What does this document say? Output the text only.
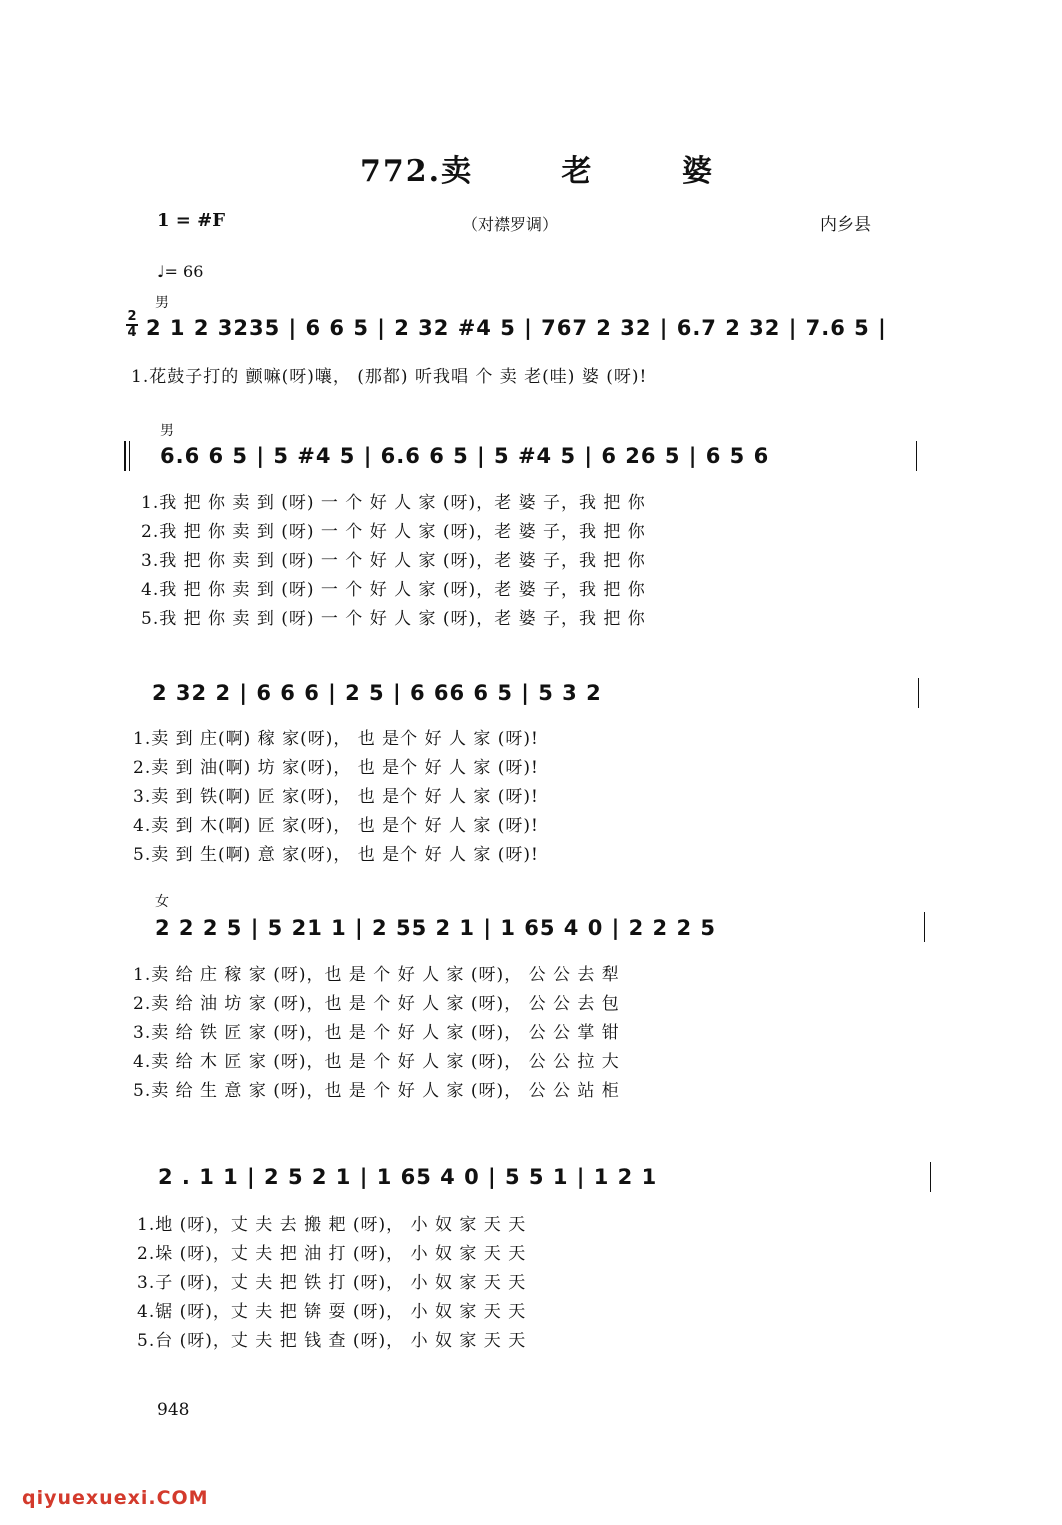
772.卖 老 婆
1 = #F	（对襟罗调）	内乡县
♩= 66
男
2
4 2 1 2 3235 | 6 6 5 | 2 32 #4 5 | 767 2 32 | 6.7 2 32 | 7.6 5 |
1.花鼓子打的 颤嘛(呀)嚷， (那都) 听我唱 个 卖 老(哇) 婆 (呀)!
男
6.6 6 5 | 5 #4 5 | 6.6 6 5 | 5 #4 5 | 6 26 5 | 6 5 6
1.我 把 你 卖 到 (呀) 一 个 好 人 家 (呀)，老 婆 子，我 把 你
2.我 把 你 卖 到 (呀) 一 个 好 人 家 (呀)，老 婆 子，我 把 你
3.我 把 你 卖 到 (呀) 一 个 好 人 家 (呀)，老 婆 子，我 把 你
4.我 把 你 卖 到 (呀) 一 个 好 人 家 (呀)，老 婆 子，我 把 你
5.我 把 你 卖 到 (呀) 一 个 好 人 家 (呀)，老 婆 子，我 把 你
2 32 2 | 6 6 6 | 2 5 | 6 66 6 5 | 5 3 2
1.卖 到 庄(啊) 稼 家(呀)， 也 是个 好 人 家 (呀)!
2.卖 到 油(啊) 坊 家(呀)， 也 是个 好 人 家 (呀)!
3.卖 到 铁(啊) 匠 家(呀)， 也 是个 好 人 家 (呀)!
4.卖 到 木(啊) 匠 家(呀)， 也 是个 好 人 家 (呀)!
5.卖 到 生(啊) 意 家(呀)， 也 是个 好 人 家 (呀)!
女
2 2 2 5 | 5 21 1 | 2 55 2 1 | 1 65 4 0 | 2 2 2 5
1.卖 给 庄 稼 家 (呀)，也 是 个 好 人 家 (呀)， 公 公 去 犁
2.卖 给 油 坊 家 (呀)，也 是 个 好 人 家 (呀)， 公 公 去 包
3.卖 给 铁 匠 家 (呀)，也 是 个 好 人 家 (呀)， 公 公 掌 钳
4.卖 给 木 匠 家 (呀)，也 是 个 好 人 家 (呀)， 公 公 拉 大
5.卖 给 生 意 家 (呀)，也 是 个 好 人 家 (呀)， 公 公 站 柜
2 . 1 1 | 2 5 2 1 | 1 65 4 0 | 5 5 1 | 1 2 1
1.地 (呀)，丈 夫 去 搬 耙 (呀)， 小 奴 家 天 天
2.垛 (呀)，丈 夫 把 油 打 (呀)， 小 奴 家 天 天
3.子 (呀)，丈 夫 把 铁 打 (呀)， 小 奴 家 天 天
4.锯 (呀)，丈 夫 把 锛 耍 (呀)， 小 奴 家 天 天
5.台 (呀)，丈 夫 把 钱 查 (呀)， 小 奴 家 天 天
948
qiyuexuexi.COM
